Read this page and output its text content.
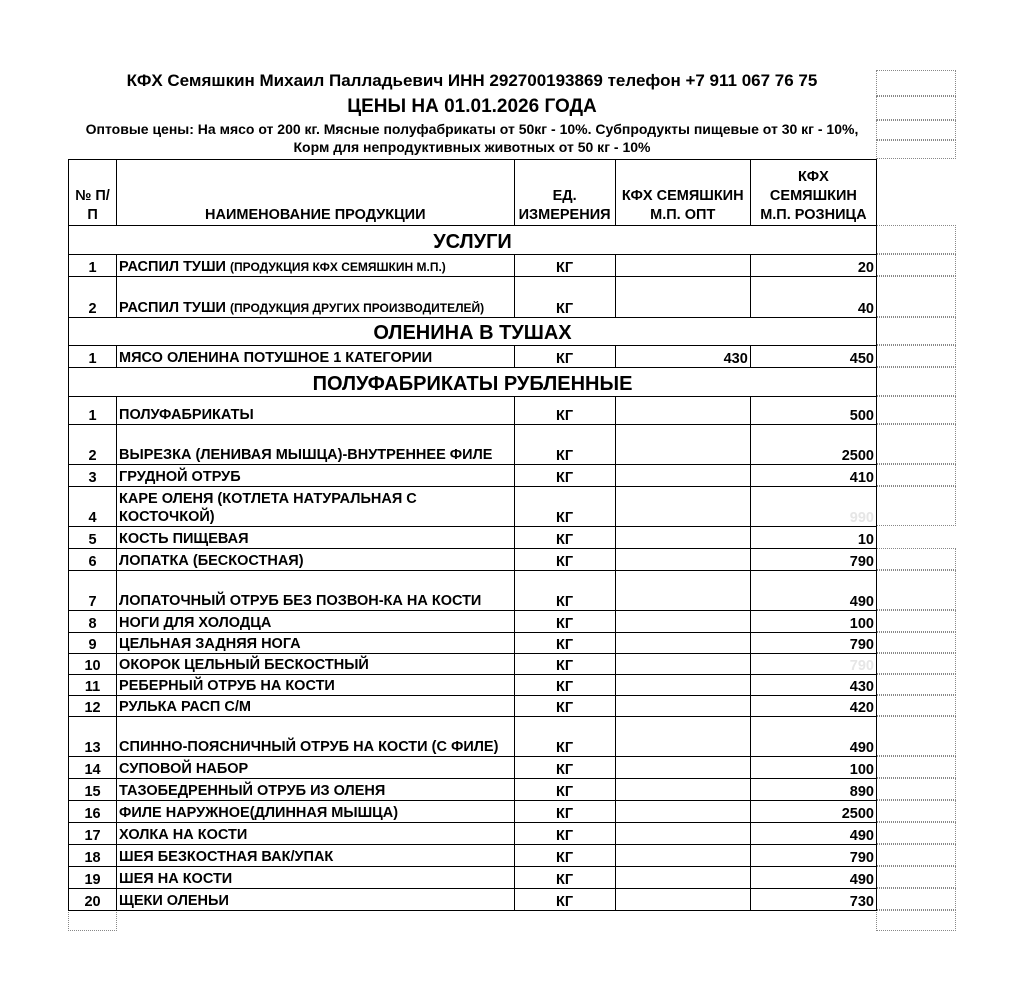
КФХ Семяшкин Михаил Палладьевич ИНН 292700193869 телефон +7 911 067 76 75
ЦЕНЫ НА 01.01.2026 ГОДА
Оптовые цены: На мясо от 200 кг. Мясные полуфабрикаты от 50кг - 10%. Субпродукты пищевые от 30 кг - 10%, Корм для непродуктивных животных от 50 кг - 10%
№ П/П	НАИМЕНОВАНИЕ ПРОДУКЦИИ	ЕД. ИЗМЕРЕНИЯ	КФХ СЕМЯШКИН М.П. ОПТ	КФХ СЕМЯШКИН М.П. РОЗНИЦА
УСЛУГИ				
1	РАСПИЛ ТУШИ (ПРОДУКЦИЯ КФХ СЕМЯШКИН М.П.)	КГ		20
2	РАСПИЛ ТУШИ (ПРОДУКЦИЯ ДРУГИХ ПРОИЗВОДИТЕЛЕЙ)	КГ		40
ОЛЕНИНА В ТУШАХ				
1	МЯСО ОЛЕНИНА ПОТУШНОЕ 1 КАТЕГОРИИ	КГ	430	450
ПОЛУФАБРИКАТЫ РУБЛЕННЫЕ				
1	ПОЛУФАБРИКАТЫ	КГ		500
2	ВЫРЕЗКА (ЛЕНИВАЯ МЫШЦА)-ВНУТРЕННЕЕ ФИЛЕ	КГ		2500
3	ГРУДНОЙ ОТРУБ	КГ		410
4	КАРЕ ОЛЕНЯ (КОТЛЕТА НАТУРАЛЬНАЯ С КОСТОЧКОЙ)	КГ		990
5	КОСТЬ ПИЩЕВАЯ	КГ		10
6	ЛОПАТКА (БЕСКОСТНАЯ)	КГ		790
7	ЛОПАТОЧНЫЙ ОТРУБ БЕЗ ПОЗВОН-КА НА КОСТИ	КГ		490
8	НОГИ ДЛЯ ХОЛОДЦА	КГ		100
9	ЦЕЛЬНАЯ ЗАДНЯЯ НОГА	КГ		790
10	ОКОРОК ЦЕЛЬНЫЙ БЕСКОСТНЫЙ	КГ		790
11	РЕБЕРНЫЙ ОТРУБ НА КОСТИ	КГ		430
12	РУЛЬКА РАСП С/М	КГ		420
13	СПИННО-ПОЯСНИЧНЫЙ ОТРУБ НА КОСТИ (С ФИЛЕ)	КГ		490
14	СУПОВОЙ НАБОР	КГ		100
15	ТАЗОБЕДРЕННЫЙ ОТРУБ ИЗ ОЛЕНЯ	КГ		890
16	ФИЛЕ НАРУЖНОЕ(ДЛИННАЯ МЫШЦА)	КГ		2500
17	ХОЛКА НА КОСТИ	КГ		490
18	ШЕЯ БЕЗКОСТНАЯ ВАК/УПАК	КГ		790
19	ШЕЯ НА КОСТИ	КГ		490
20	ЩЕКИ ОЛЕНЬИ	КГ		730
